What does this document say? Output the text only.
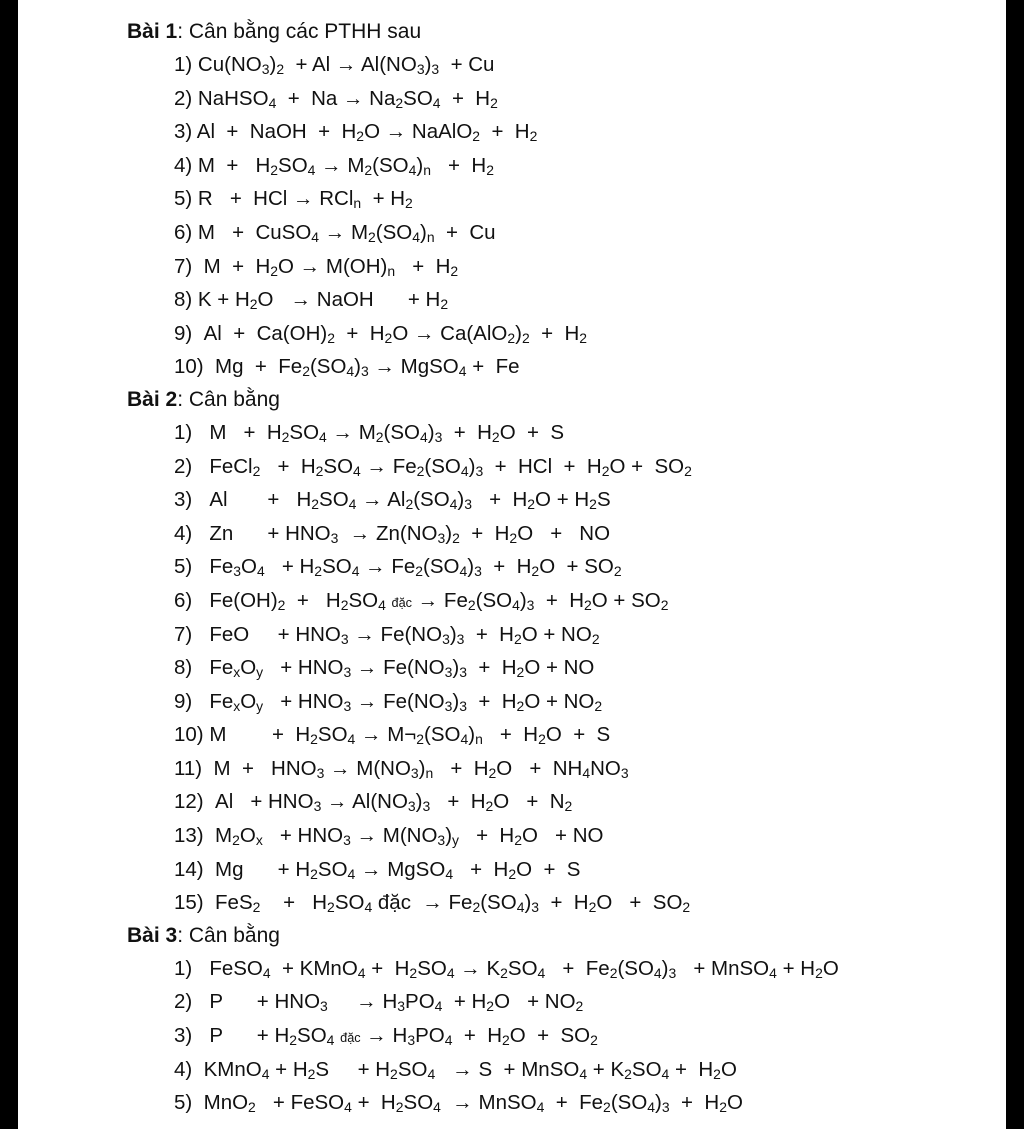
Bài 1: Cân bằng các PTHH sau
1) $Cu(NO_3)_2 + Al \to Al(NO_3)_3 + Cu$
2) NaHSO$_4$  +  $Na \to Na_2SO_4 + H_2$
3) Al  +  NaOH  +  $H_2O$ → NaAlO$_2$  +  $H_2$
4) $M + H_2SO_4 \to M_2(SO_4)_n + H_2$
5) R   +  HCl → $RCl_n + H_2$
6) M   +  CuSO$_4$ → $M_2(SO_4)_n + Cu$
7)  $M + H_2O \to M(OH)_n + H_2$
8) $K + H_2O$   → NaOH      + $H_2$
9)  $Al + Ca(OH)_2 + H_2O \to Ca(AlO_2)_2 + H_2$
10)  $Mg + Fe_2(SO_4)_3$ → MgSO$_4$ +  Fe
Bài 2: Cân bằng
1)   $M + H_2SO_4 \to M_2(SO_4)_3 + H_2O + S$
2)   FeCl$_2$   +  $H_2SO_4 \to Fe_2(SO_4)_3$  +  HCl  +  $H_2O + SO_2$
3)   Al       +   $H_2SO_4 \to Al_2(SO_4)_3 + H_2O + H_2S$
4)   Zn      + $HNO_3 \to Zn(NO_3)_2 + H_2O$   +   NO
5)   $Fe_3O_4 + H_2SO_4 \to Fe_2(SO_4)_3 + H_2O + SO_2$
6)   $Fe(OH)_2 + H_2SO_4$ đặc → $Fe_2(SO_4)_3 + H_2O + SO_2$
7)   FeO     + $HNO_3 \to Fe(NO_3)_3 + H_2O + NO_2$
8)   $Fe_xO_y + HNO_3 \to Fe(NO_3)_3 + H_2O$ + NO
9)   $Fe_xO_y + HNO_3 \to Fe(NO_3)_3 + H_2O + NO_2$
10) M        +  $H_2SO_4$ → $M\neg_2(SO_4)_n + H_2O + S$
11)  $M + HNO_3 \to M(NO_3)_n + H_2O + NH_4NO_3$
12)  $Al + HNO_3 \to Al(NO_3)_3 + H_2O + N_2$
13)  $M_2O_x + HNO_3 \to M(NO_3)_y + H_2O$   + NO
14)  Mg      + $H_2SO_4$ → MgSO$_4$   +  $H_2O + S$
15)  FeS$_2$    +   $H_2SO_4$ đặc  → $Fe_2(SO_4)_3 + H_2O + SO_2$
Bài 3: Cân bằng
1)   FeSO$_4$  + KMnO$_4$ +  $H_2SO_4 \to K_2SO_4 + Fe_2(SO_4)_3$   + MnSO$_4$ + $H_2O$
2)   P      + $HNO_3$     → $H_3PO_4 + H_2O + NO_2$
3)   P      + $H_2SO_4$ đặc → $H_3PO_4 + H_2O + SO_2$
4)  KMnO$_4$ + $H_2S$     + $H_2SO_4 \to S$  + MnSO$_4$ + $K_2SO_4 + H_2O$
5)  MnO$_2$   + FeSO$_4$ +  $H_2SO_4$  → MnSO$_4$  +  $Fe_2(SO_4)_3 + H_2O$
